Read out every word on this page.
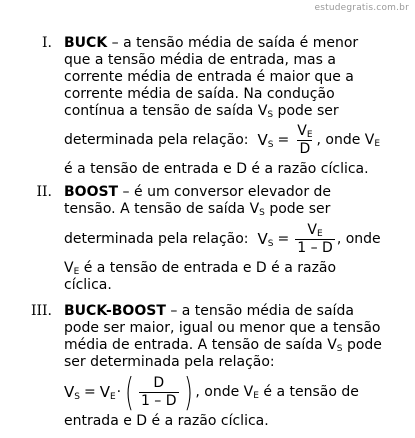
estudegratis.com.br
I. BUCK – a tensão média de saída é menor
que a tensão média de entrada, mas a
corrente média de entrada é maior que a
corrente média de saída. Na condução
contínua a tensão de saída $V_S$ pode ser
determinada pela relação: $V_S = \frac{V_E}{D}$ , onde $V_E$
é a tensão de entrada e D é a razão cíclica.
II. BOOST – é um conversor elevador de
tensão. A tensão de saída $V_S$ pode ser
determinada pela relação: $V_S = \frac{V_E}{1 - D}$ , onde
$V_E$ é a tensão de entrada e D é a razão
cíclica.
III. BUCK-BOOST – a tensão média de saída
pode ser maior, igual ou menor que a tensão
média de entrada. A tensão de saída $V_S$ pode
ser determinada pela relação:
$V_S = V_E$ · ( $\frac{D}{1 - D}$ ) , onde $V_E$ é a tensão de
entrada e D é a razão cíclica.
